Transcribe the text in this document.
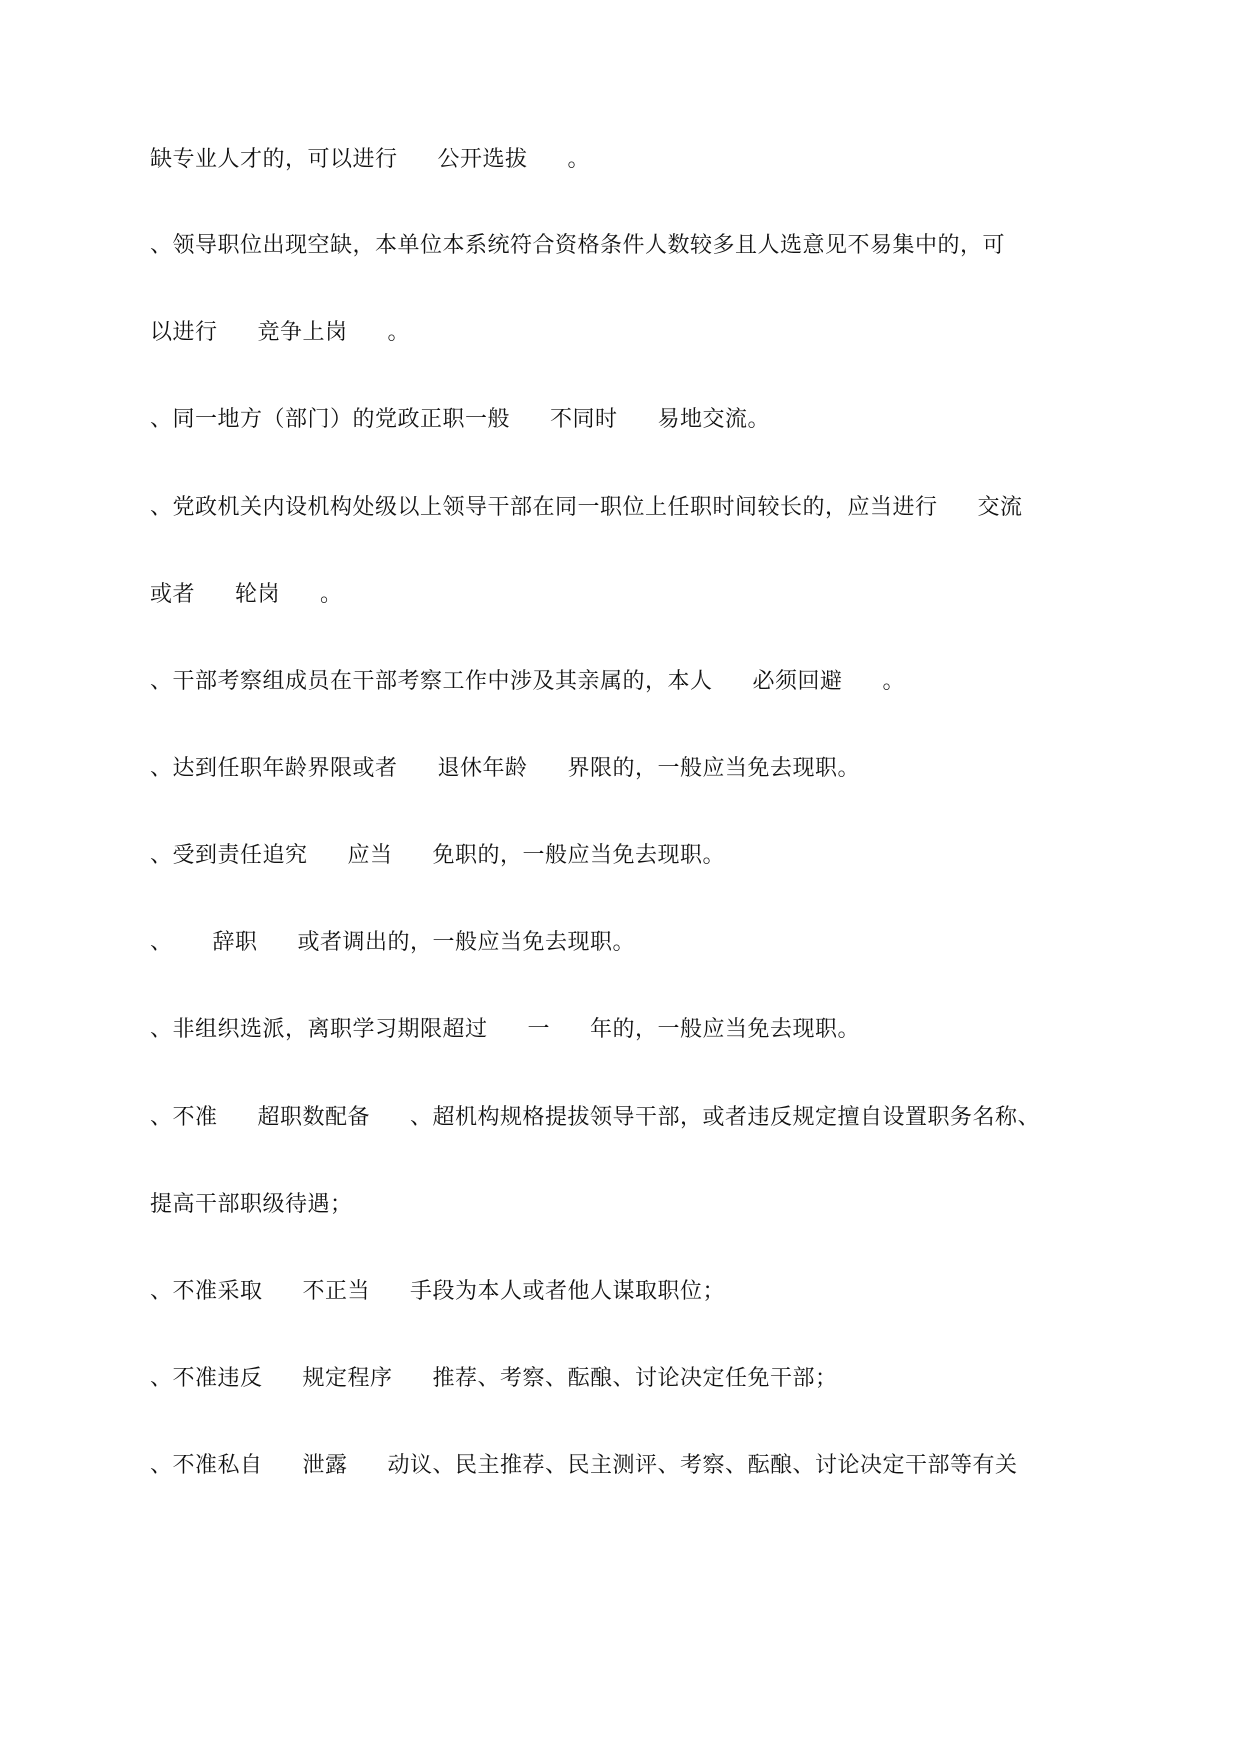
缺专业人才的，可以进行 公开选拔 。

、领导职位出现空缺，本单位本系统符合资格条件人数较多且人选意见不易集中的，可

以进行 竞争上岗 。

、同一地方（部门）的党政正职一般 不同时 易地交流。

、党政机关内设机构处级以上领导干部在同一职位上任职时间较长的，应当进行 交流

或者 轮岗 。

、干部考察组成员在干部考察工作中涉及其亲属的，本人 必须回避 。

、达到任职年龄界限或者 退休年龄 界限的，一般应当免去现职。

、受到责任追究 应当 免职的，一般应当免去现职。

、 辞职 或者调出的，一般应当免去现职。

、非组织选派，离职学习期限超过 一 年的，一般应当免去现职。

、不准 超职数配备 、超机构规格提拔领导干部，或者违反规定擅自设置职务名称、

提高干部职级待遇；

、不准采取 不正当 手段为本人或者他人谋取职位；

、不准违反 规定程序 推荐、考察、酝酿、讨论决定任免干部；

、不准私自 泄露 动议、民主推荐、民主测评、考察、酝酿、讨论决定干部等有关
